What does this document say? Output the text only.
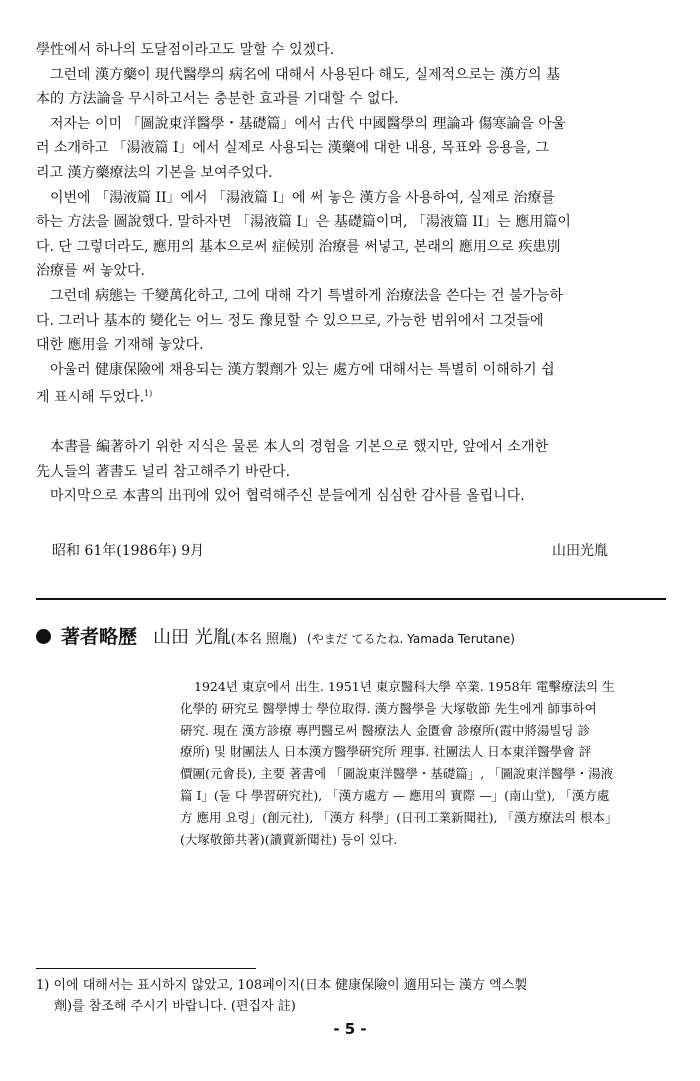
學性에서 하나의 도달점이라고도 말할 수 있겠다.

그런데 漢方藥이 現代醫學의 病名에 대해서 사용된다 해도, 실제적으로는 漢方의 基

本的 方法論을 무시하고서는 충분한 효과를 기대할 수 없다.

저자는 이미 「圖說東洋醫學・基礎篇」에서 古代 中國醫學의 理論과 傷寒論을 아울

러 소개하고 「湯液篇 I」에서 실제로 사용되는 漢藥에 대한 내용, 목표와 응용을, 그

리고 漢方藥療法의 기본을 보여주었다.

이번에 「湯液篇 II」에서 「湯液篇 I」에 써 놓은 漢方을 사용하여, 실제로 治療를

하는 方法을 圖說했다. 말하자면 「湯液篇 I」은 基礎篇이며, 「湯液篇 II」는 應用篇이

다. 단 그렇더라도, 應用의 基本으로써 症候別 治療를 써넣고, 본래의 應用으로 疾患別

治療를 써 놓았다.

그런데 病態는 千變萬化하고, 그에 대해 각기 특별하게 治療法을 쓴다는 건 불가능하

다. 그러나 基本的 變化는 어느 정도 豫見할 수 있으므로, 가능한 범위에서 그것들에

대한 應用을 기재해 놓았다.

아울러 健康保險에 채용되는 漢方製劑가 있는 處方에 대해서는 특별히 이해하기 쉽

게 표시해 두었다.$^{1)}$

本書를 編著하기 위한 지식은 물론 本人의 경험을 기본으로 했지만, 앞에서 소개한

先人들의 著書도 널리 참고해주기 바란다.

마지막으로 本書의 出刊에 있어 협력해주신 분들에게 심심한 감사를 올립니다.

昭和 61年(1986年) 9月	山田光胤
著者略歷 山田 光胤(本名 照胤) (やまだ てるたね. Yamada Terutane)

1924년 東京에서 出生. 1951년 東京醫科大學 卒業. 1958年 電擊療法의 生

化學的 硏究로 醫學博士 學位取得. 漢方醫學을 大塚敬節 先生에게 師事하여

硏究. 現在 漢方診療 專門醫로써 醫療法人 金匱會 診療所(霞中將湯빌딩 診

療所) 및 財團法人 日本漢方醫學硏究所 理事. 社團法人 日本東洋醫學會 評

價團(元會長), 主要 著書에 「圖說東洋醫學・基礎篇」, 「圖說東洋醫學・湯液

篇 I」(둘 다 學習硏究社), 「漢方處方 — 應用의 實際 —」(南山堂), 「漢方處

方 應用 요령」(創元社), 「漢方 科學」(日刊工業新聞社), 「漢方療法의 根本」

(大塚敬節共著)(讀賣新聞社) 등이 있다.

1) 이에 대해서는 표시하지 않았고, 108페이지(日本 健康保險이 適用되는 漢方 엑스製

劑)를 참조해 주시기 바랍니다. (편집자 註)

- 5 -
